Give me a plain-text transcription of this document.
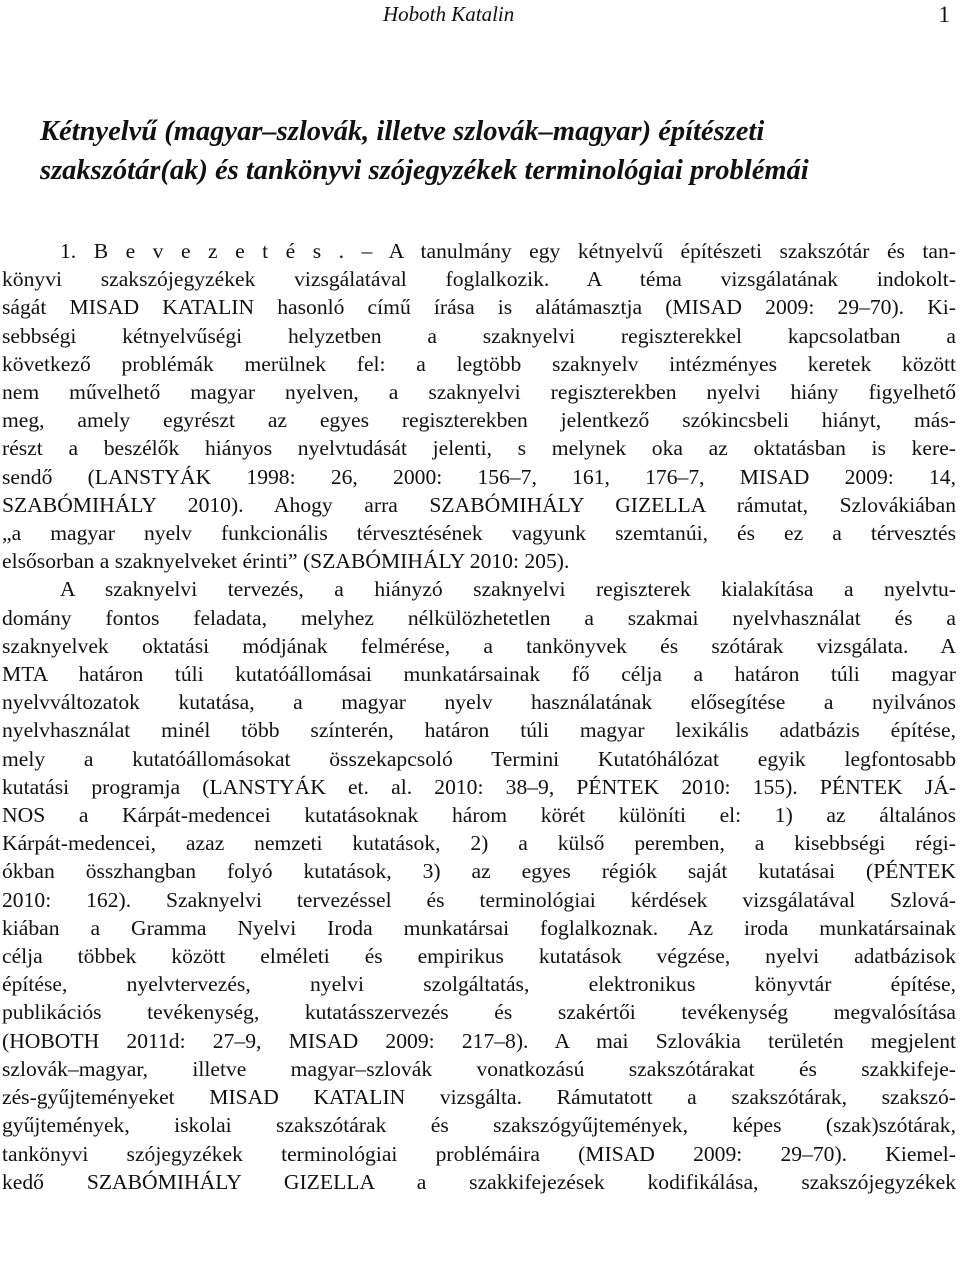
Hoboth Katalin	1
Kétnyelvű (magyar–szlovák, illetve szlovák–magyar) építészeti
szakszótár(ak) és tankönyvi szójegyzékek terminológiai problémái
1. B e v e z e t é s . – A tanulmány egy kétnyelvű építészeti szakszótár és tan-
könyvi szakszójegyzékek vizsgálatával foglalkozik. A téma vizsgálatának indokolt-
ságát MISAD KATALIN hasonló című írása is alátámasztja (MISAD 2009: 29–70). Ki-
sebbségi kétnyelvűségi helyzetben a szaknyelvi regiszterekkel kapcsolatban a
következő problémák merülnek fel: a legtöbb szaknyelv intézményes keretek között
nem művelhető magyar nyelven, a szaknyelvi regiszterekben nyelvi hiány figyelhető
meg, amely egyrészt az egyes regiszterekben jelentkező szókincsbeli hiányt, más-
részt a beszélők hiányos nyelvtudását jelenti, s melynek oka az oktatásban is kere-
sendő (LANSTYÁK 1998: 26, 2000: 156–7, 161, 176–7, MISAD 2009: 14,
SZABÓMIHÁLY 2010). Ahogy arra SZABÓMIHÁLY GIZELLA rámutat, Szlovákiában
„a magyar nyelv funkcionális térvesztésének vagyunk szemtanúi, és ez a térvesztés
elsősorban a szaknyelveket érinti” (SZABÓMIHÁLY 2010: 205).
A szaknyelvi tervezés, a hiányzó szaknyelvi regiszterek kialakítása a nyelvtu-
domány fontos feladata, melyhez nélkülözhetetlen a szakmai nyelvhasználat és a
szaknyelvek oktatási módjának felmérése, a tankönyvek és szótárak vizsgálata. A
MTA határon túli kutatóállomásai munkatársainak fő célja a határon túli magyar
nyelvváltozatok kutatása, a magyar nyelv használatának elősegítése a nyilvános
nyelvhasználat minél több színterén, határon túli magyar lexikális adatbázis építése,
mely a kutatóállomásokat összekapcsoló Termini Kutatóhálózat egyik legfontosabb
kutatási programja (LANSTYÁK et. al. 2010: 38–9, PÉNTEK 2010: 155). PÉNTEK JÁ-
NOS a Kárpát-medencei kutatásoknak három körét különíti el: 1) az általános
Kárpát-medencei, azaz nemzeti kutatások, 2) a külső peremben, a kisebbségi régi-
ókban összhangban folyó kutatások, 3) az egyes régiók saját kutatásai (PÉNTEK
2010: 162). Szaknyelvi tervezéssel és terminológiai kérdések vizsgálatával Szlová-
kiában a Gramma Nyelvi Iroda munkatársai foglalkoznak. Az iroda munkatársainak
célja többek között elméleti és empirikus kutatások végzése, nyelvi adatbázisok
építése, nyelvtervezés, nyelvi szolgáltatás, elektronikus könyvtár építése,
publikációs tevékenység, kutatásszervezés és szakértői tevékenység megvalósítása
(HOBOTH 2011d: 27–9, MISAD 2009: 217–8). A mai Szlovákia területén megjelent
szlovák–magyar, illetve magyar–szlovák vonatkozású szakszótárakat és szakkifeje-
zés-gyűjteményeket MISAD KATALIN vizsgálta. Rámutatott a szakszótárak, szakszó-
gyűjtemények, iskolai szakszótárak és szakszógyűjtemények, képes (szak)szótárak,
tankönyvi szójegyzékek terminológiai problémáira (MISAD 2009: 29–70). Kiemel-
kedő SZABÓMIHÁLY GIZELLA a szakkifejezések kodifikálása, szakszójegyzékek
